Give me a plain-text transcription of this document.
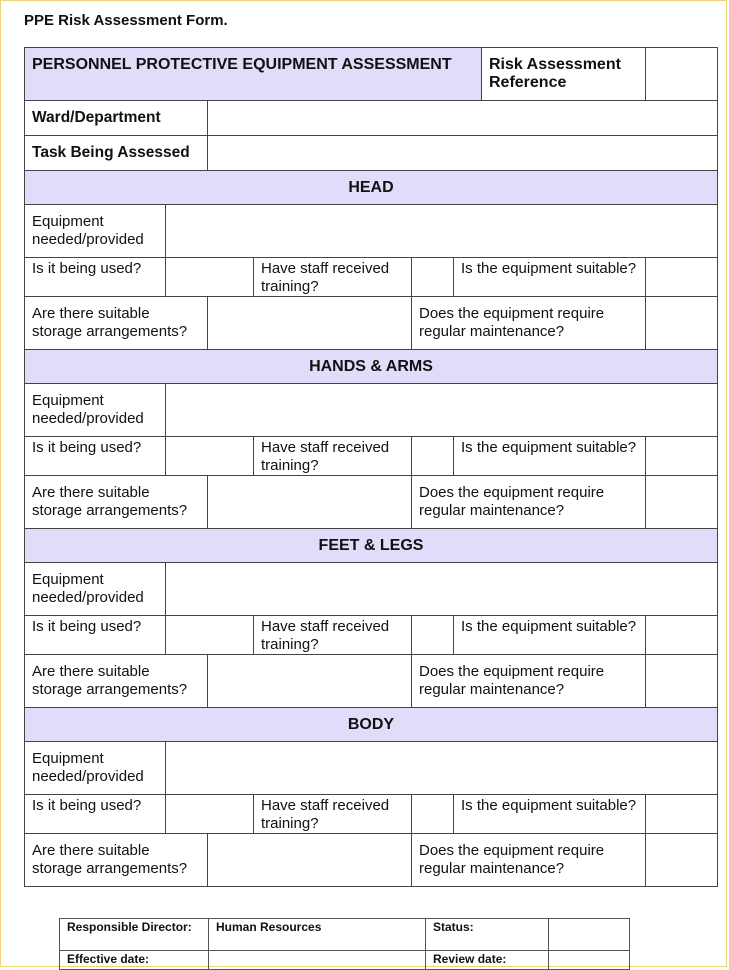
PPE Risk Assessment Form.
PERSONNEL PROTECTIVE EQUIPMENT ASSESSMENT						Risk Assessment Reference	
Ward/Department							
Task Being Assessed							
HEAD							
Equipment needed/provided							
Is it being used?			Have staff received training?		Is the equipment suitable?		
Are there suitable storage arrangements?				Does the equipment require regular maintenance?			
HANDS & ARMS							
Equipment needed/provided							
Is it being used?			Have staff received training?		Is the equipment suitable?		
Are there suitable storage arrangements?				Does the equipment require regular maintenance?			
FEET & LEGS							
Equipment needed/provided							
Is it being used?			Have staff received training?		Is the equipment suitable?		
Are there suitable storage arrangements?				Does the equipment require regular maintenance?			
BODY							
Equipment needed/provided							
Is it being used?			Have staff received training?		Is the equipment suitable?		
Are there suitable storage arrangements?				Does the equipment require regular maintenance?			
Responsible Director:	Human Resources	Status:	
Effective date:		Review date:	
